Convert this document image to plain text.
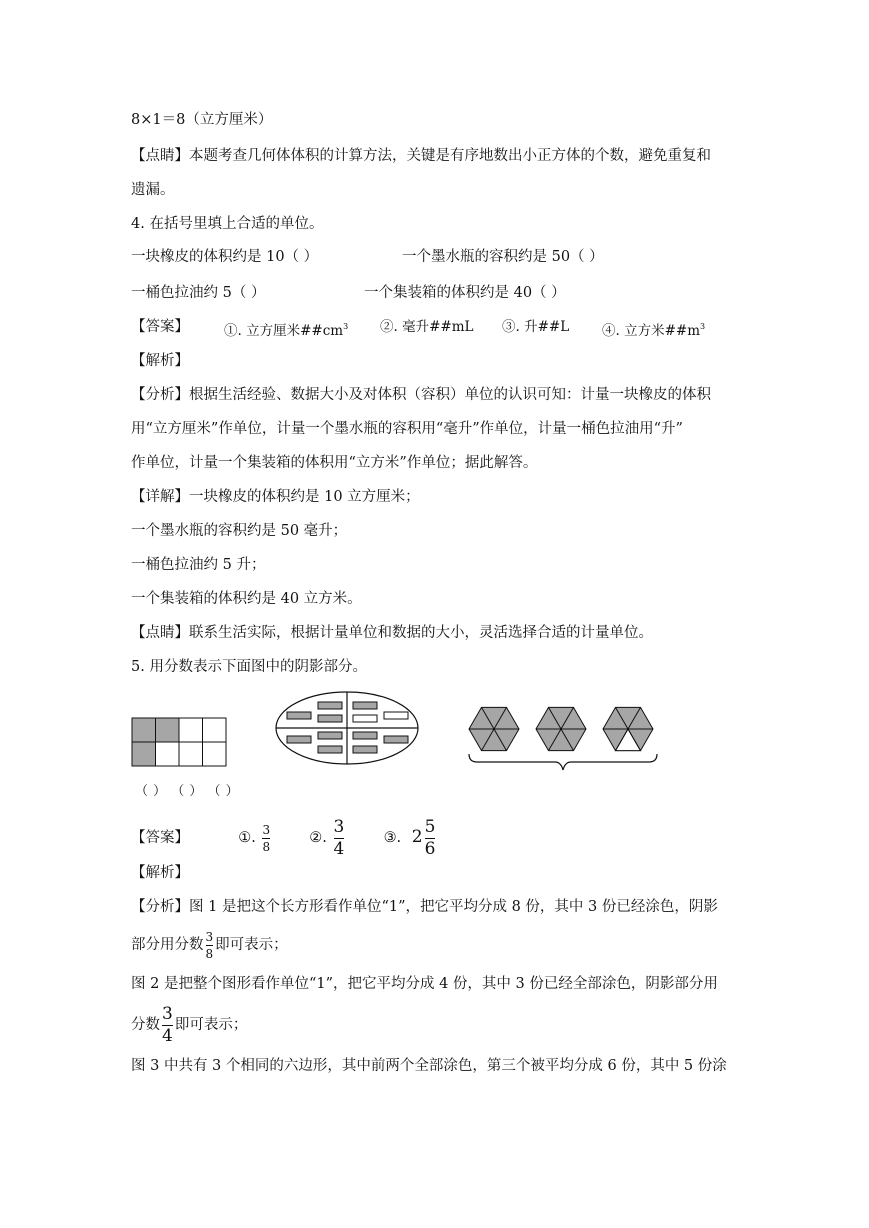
8×1＝8（立方厘米）
【点睛】本题考查几何体体积的计算方法，关键是有序地数出小正方体的个数，避免重复和
遗漏。
4. 在括号里填上合适的单位。
一块橡皮的体积约是 10（ ）	一个墨水瓶的容积约是 50（ ）
一桶色拉油约 5（ ）	一个集装箱的体积约是 40（ ）
【答案】	①. 立方厘米$\#\#cm^3$ ②. 毫升##mL ③. 升##L ④. 立方米$\#\#m^3$
【解析】
【分析】根据生活经验、数据大小及对体积（容积）单位的认识可知：计量一块橡皮的体积
用“立方厘米”作单位，计量一个墨水瓶的容积用“毫升”作单位，计量一桶色拉油用“升”
作单位，计量一个集装箱的体积用“立方米”作单位；据此解答。
【详解】一块橡皮的体积约是 10 立方厘米；
一个墨水瓶的容积约是 50 毫升；
一桶色拉油约 5 升；
一个集装箱的体积约是 40 立方米。
【点睛】联系生活实际，根据计量单位和数据的大小，灵活选择合适的计量单位。
5. 用分数表示下面图中的阴影部分。
（ ） （ ） （ ）
【答案】	①. $\frac{3}{8}$	②. $\frac{3}{4}$	③. $2 \frac{5}{6}$
【解析】
【分析】图 1 是把这个长方形看作单位“1”，把它平均分成 8 份，其中 3 份已经涂色，阴影
部分用分数 $\frac{3}{8}$ 即可表示；
图 2 是把整个图形看作单位“1”，把它平均分成 4 份，其中 3 份已经全部涂色，阴影部分用
分数 $\frac{3}{4}$ 即可表示；
图 3 中共有 3 个相同的六边形，其中前两个全部涂色，第三个被平均分成 6 份，其中 5 份涂
